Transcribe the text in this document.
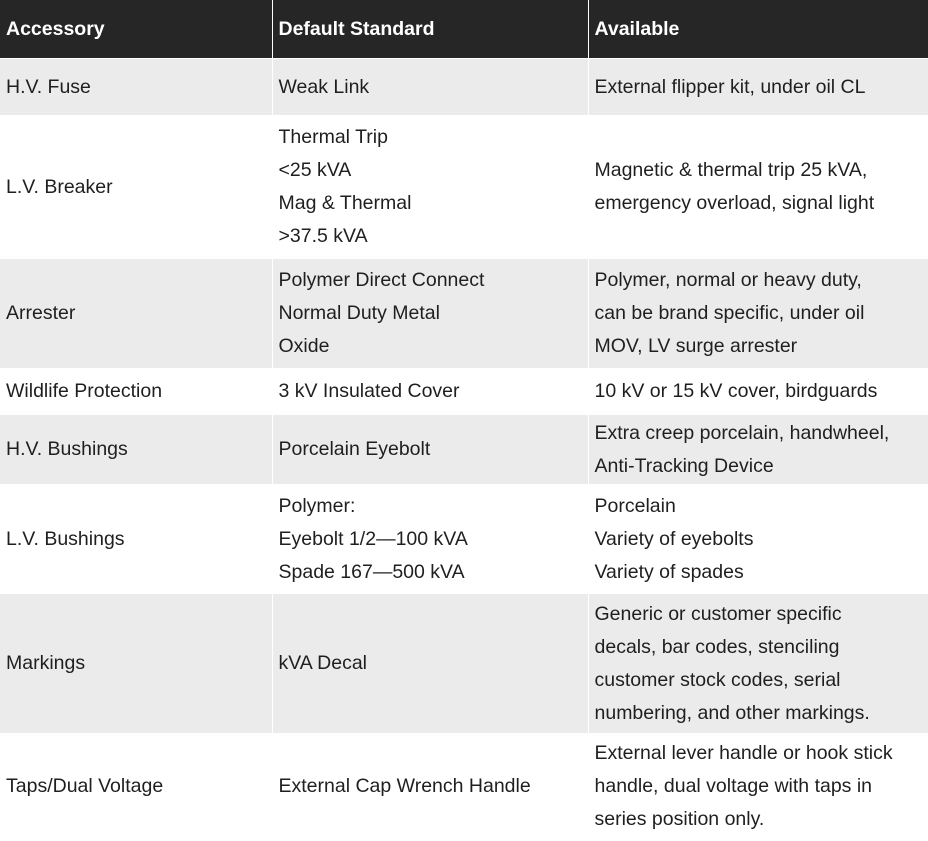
Accessory	Default Standard	Available
H.V. Fuse	Weak Link	External flipper kit, under oil CL

L.V. Breaker	Thermal Trip
<25 kVA
Mag & Thermal
>37.5 kVA	Magnetic & thermal trip 25 kVA,
emergency overload, signal light

Arrester	Polymer Direct Connect
Normal Duty Metal
Oxide	Polymer, normal or heavy duty,
can be brand specific, under oil
MOV, LV surge arrester

Wildlife Protection	3 kV Insulated Cover	10 kV or 15 kV cover, birdguards

H.V. Bushings	Porcelain Eyebolt	Extra creep porcelain, handwheel,
Anti-Tracking Device

L.V. Bushings	Polymer:
Eyebolt 1/2—100 kVA
Spade 167—500 kVA	Porcelain
Variety of eyebolts
Variety of spades

Markings	kVA Decal	Generic or customer specific
decals, bar codes, stenciling
customer stock codes, serial
numbering, and other markings.

Taps/Dual Voltage	External Cap Wrench Handle	External lever handle or hook stick
handle, dual voltage with taps in
series position only.
